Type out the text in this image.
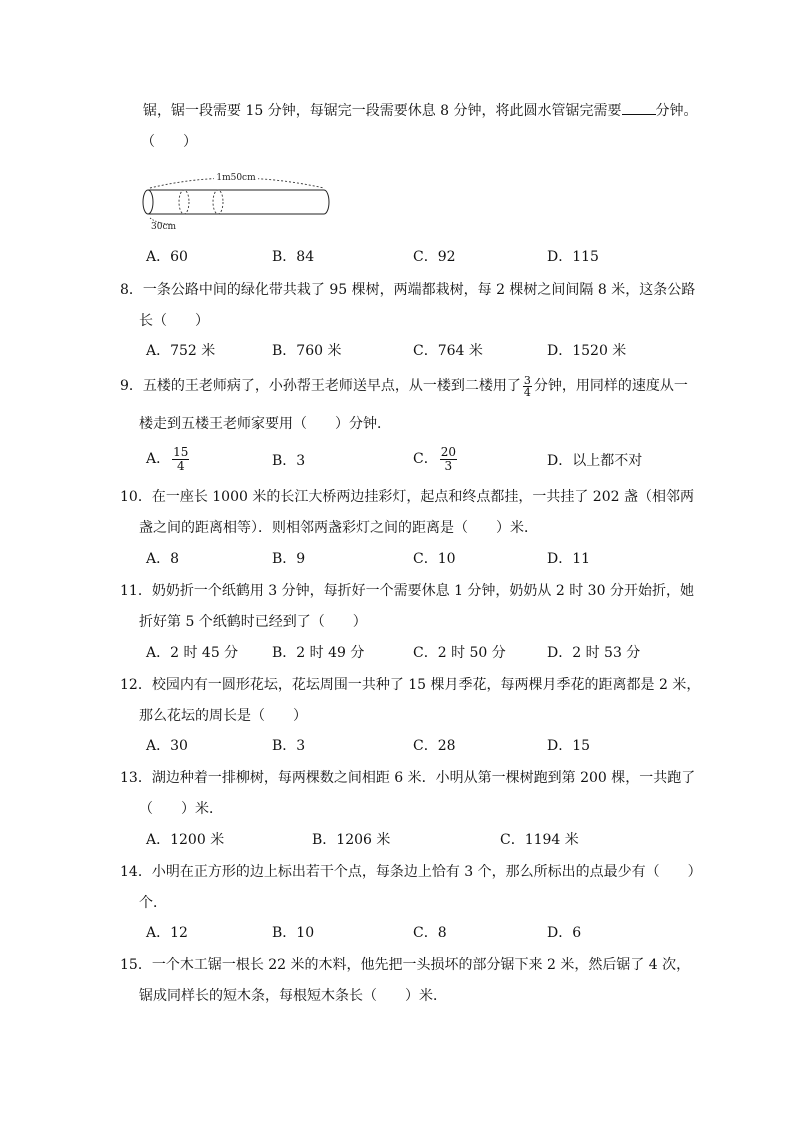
锯，锯一段需要 15 分钟，每锯完一段需要休息 8 分钟，将此圆水管锯完需要 分钟。
（　　）
1m50cm
30cm
A．60	B．84	C．92	D．115
8．一条公路中间的绿化带共栽了 95 棵树，两端都栽树，每 2 棵树之间间隔 8 米，这条公路
长（　　）
A．752 米	B．760 米	C．764 米	D．1520 米
9．五楼的王老师病了，小孙帮王老师送早点，从一楼到二楼用了 $\frac{3}{4}$ 分钟，用同样的速度从一
楼走到五楼王老师家要用（　　）分钟．
A． $\frac{15}{4}$	B．3	C． $\frac{20}{3}$	D．以上都不对
10．在一座长 1000 米的长江大桥两边挂彩灯，起点和终点都挂，一共挂了 202 盏（相邻两
盏之间的距离相等）．则相邻两盏彩灯之间的距离是（　　）米．
A．8	B．9	C．10	D．11
11．奶奶折一个纸鹤用 3 分钟，每折好一个需要休息 1 分钟，奶奶从 2 时 30 分开始折，她
折好第 5 个纸鹤时已经到了（　　）
A．2 时 45 分 B．2 时 49 分	C．2 时 50 分	D．2 时 53 分
12．校园内有一圆形花坛，花坛周围一共种了 15 棵月季花，每两棵月季花的距离都是 2 米，
那么花坛的周长是（　　）
A．30	B．3	C．28	D．15
13．湖边种着一排柳树，每两棵数之间相距 6 米．小明从第一棵树跑到第 200 棵，一共跑了
（　　）米．
A．1200 米	B．1206 米	C．1194 米
14．小明在正方形的边上标出若干个点，每条边上恰有 3 个，那么所标出的点最少有（　　）
个．
A．12	B．10	C．8	D．6
15．一个木工锯一根长 22 米的木料，他先把一头损坏的部分锯下来 2 米，然后锯了 4 次，
锯成同样长的短木条，每根短木条长（　　）米．
